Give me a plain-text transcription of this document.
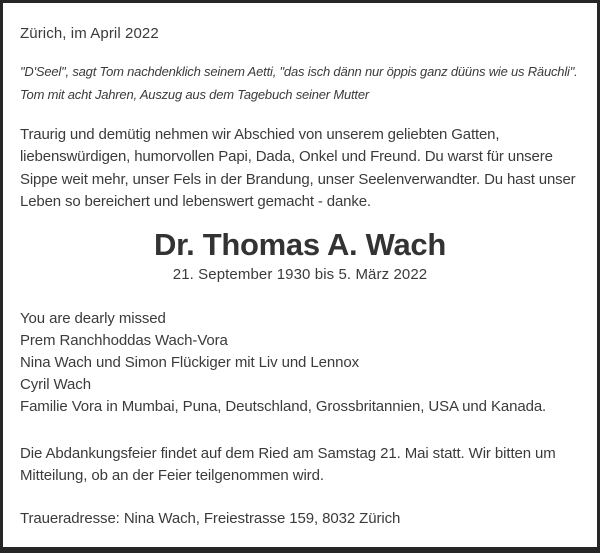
Zürich, im April 2022
"D'Seel", sagt Tom nachdenklich seinem Aetti, "das isch dänn nur öppis ganz düüns wie us Räuchli".
Tom mit acht Jahren, Auszug aus dem Tagebuch seiner Mutter
Traurig und demütig nehmen wir Abschied von unserem geliebten Gatten,
liebenswürdigen, humorvollen Papi, Dada, Onkel und Freund. Du warst für unsere
Sippe weit mehr, unser Fels in der Brandung, unser Seelenverwandter. Du hast unser
Leben so bereichert und lebenswert gemacht - danke.
Dr. Thomas A. Wach
21. September 1930 bis 5. März 2022
You are dearly missed
Prem Ranchhoddas Wach-Vora
Nina Wach und Simon Flückiger mit Liv und Lennox
Cyril Wach
Familie Vora in Mumbai, Puna, Deutschland, Grossbritannien, USA und Kanada.
Die Abdankungsfeier findet auf dem Ried am Samstag 21. Mai statt. Wir bitten um
Mitteilung, ob an der Feier teilgenommen wird.
Traueradresse: Nina Wach, Freiestrasse 159, 8032 Zürich
